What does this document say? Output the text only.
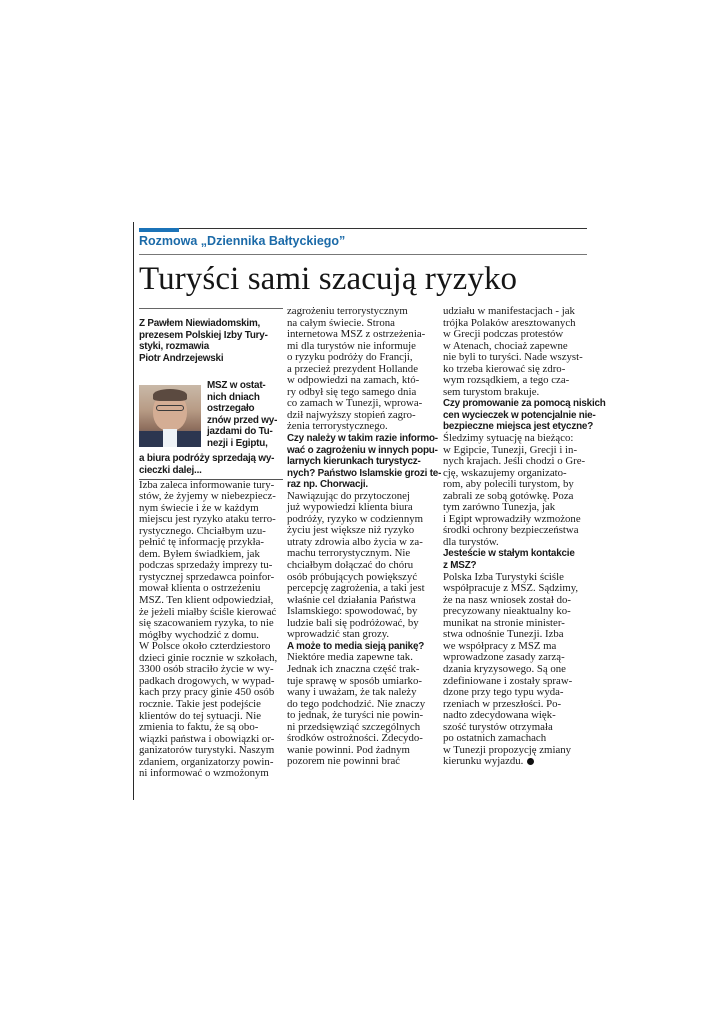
Rozmowa „Dziennika Bałtyckiego”
Turyści sami szacują ryzyko
Z Pawłem Niewiadomskim,
prezesem Polskiej Izby Tury-
styki, rozmawia
Piotr Andrzejewski
MSZ w ostat-
nich dniach
ostrzegało
znów przed wy-
jazdami do Tu-
nezji i Egiptu,
a biura podróży sprzedają wy-
cieczki dalej...
Izba zaleca informowanie tury-
stów, że żyjemy w niebezpiecz-
nym świecie i że w każdym
miejscu jest ryzyko ataku terro-
rystycznego. Chciałbym uzu-
pełnić tę informację przykła-
dem. Byłem świadkiem, jak
podczas sprzedaży imprezy tu-
rystycznej sprzedawca poinfor-
mował klienta o ostrzeżeniu
MSZ. Ten klient odpowiedział,
że jeżeli miałby ściśle kierować
się szacowaniem ryzyka, to nie
mógłby wychodzić z domu.
W Polsce około czterdziestoro
dzieci ginie rocznie w szkołach,
3300 osób straciło życie w wy-
padkach drogowych, w wypad-
kach przy pracy ginie 450 osób
rocznie. Takie jest podejście
klientów do tej sytuacji. Nie
zmienia to faktu, że są obo-
wiązki państwa i obowiązki or-
ganizatorów turystyki. Naszym
zdaniem, organizatorzy powin-
ni informować o wzmożonym
zagrożeniu terrorystycznym
na całym świecie. Strona
internetowa MSZ z ostrzeżenia-
mi dla turystów nie informuje
o ryzyku podróży do Francji,
a przecież prezydent Hollande
w odpowiedzi na zamach, któ-
ry odbył się tego samego dnia
co zamach w Tunezji, wprowa-
dził najwyższy stopień zagro-
żenia terrorystycznego.
Czy należy w takim razie informo-
wać o zagrożeniu w innych popu-
larnych kierunkach turystycz-
nych? Państwo Islamskie grozi te-
raz np. Chorwacji.
Nawiązując do przytoczonej
już wypowiedzi klienta biura
podróży, ryzyko w codziennym
życiu jest większe niż ryzyko
utraty zdrowia albo życia w za-
machu terrorystycznym. Nie
chciałbym dołączać do chóru
osób próbujących powiększyć
percepcję zagrożenia, a taki jest
właśnie cel działania Państwa
Islamskiego: spowodować, by
ludzie bali się podróżować, by
wprowadzić stan grozy.
A może to media sieją panikę?
Niektóre media zapewne tak.
Jednak ich znaczna część trak-
tuje sprawę w sposób umiarko-
wany i uważam, że tak należy
do tego podchodzić. Nie znaczy
to jednak, że turyści nie powin-
ni przedsięwziąć szczególnych
środków ostrożności. Zdecydo-
wanie powinni. Pod żadnym
pozorem nie powinni brać
udziału w manifestacjach - jak
trójka Polaków aresztowanych
w Grecji podczas protestów
w Atenach, chociaż zapewne
nie byli to turyści. Nade wszyst-
ko trzeba kierować się zdro-
wym rozsądkiem, a tego cza-
sem turystom brakuje.
Czy promowanie za pomocą niskich
cen wycieczek w potencjalnie nie-
bezpieczne miejsca jest etyczne?
Śledzimy sytuację na bieżąco:
w Egipcie, Tunezji, Grecji i in-
nych krajach. Jeśli chodzi o Gre-
cję, wskazujemy organizato-
rom, aby polecili turystom, by
zabrali ze sobą gotówkę. Poza
tym zarówno Tunezja, jak
i Egipt wprowadziły wzmożone
środki ochrony bezpieczeństwa
dla turystów.
Jesteście w stałym kontakcie
z MSZ?
Polska Izba Turystyki ściśle
współpracuje z MSZ. Sądzimy,
że na nasz wniosek został do-
precyzowany nieaktualny ko-
munikat na stronie minister-
stwa odnośnie Tunezji. Izba
we współpracy z MSZ ma
wprowadzone zasady zarzą-
dzania kryzysowego. Są one
zdefiniowane i zostały spraw-
dzone przy tego typu wyda-
rzeniach w przeszłości. Po-
nadto zdecydowana więk-
szość turystów otrzymała
po ostatnich zamachach
w Tunezji propozycję zmiany
kierunku wyjazdu.
